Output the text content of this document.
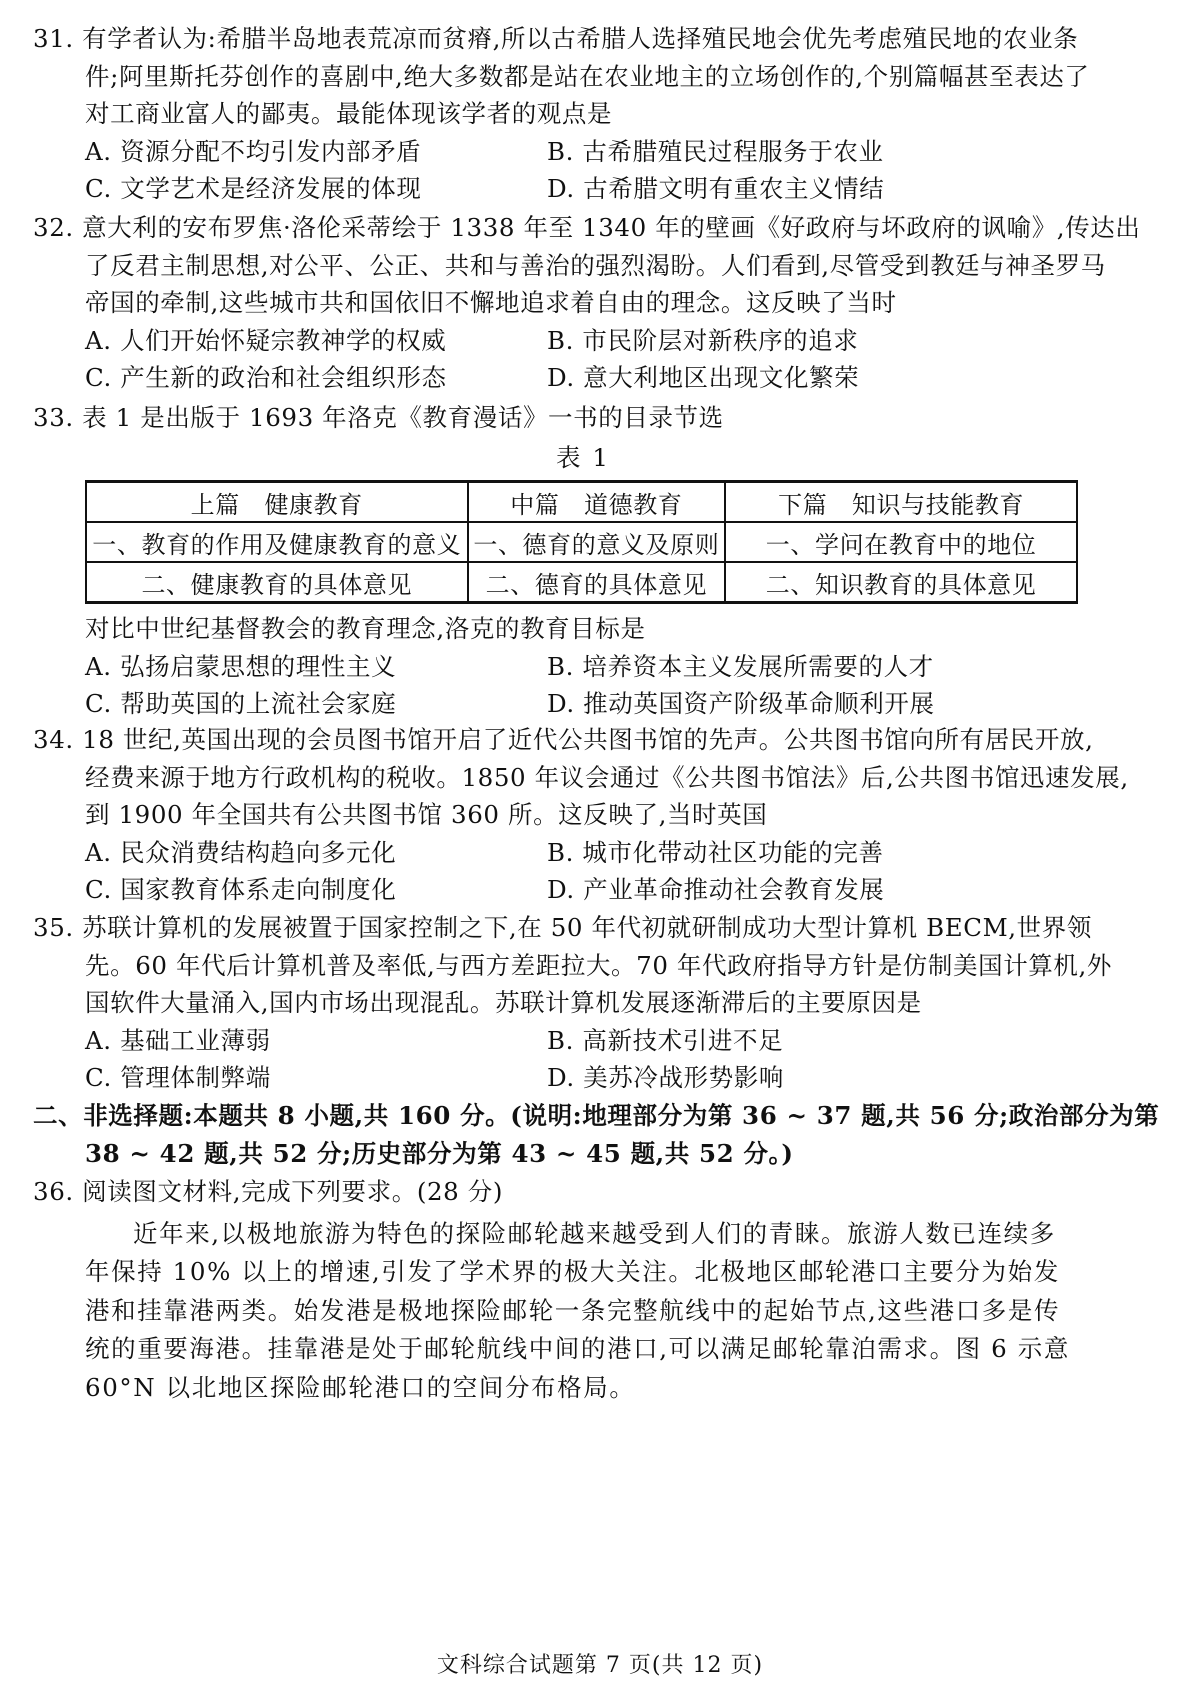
31. 有学者认为:希腊半岛地表荒凉而贫瘠,所以古希腊人选择殖民地会优先考虑殖民地的农业条
件;阿里斯托芬创作的喜剧中,绝大多数都是站在农业地主的立场创作的,个别篇幅甚至表达了
对工商业富人的鄙夷。最能体现该学者的观点是
A. 资源分配不均引发内部矛盾	B. 古希腊殖民过程服务于农业
C. 文学艺术是经济发展的体现	D. 古希腊文明有重农主义情结
32. 意大利的安布罗焦·洛伦采蒂绘于 1338 年至 1340 年的壁画《好政府与坏政府的讽喻》,传达出
了反君主制思想,对公平、公正、共和与善治的强烈渴盼。人们看到,尽管受到教廷与神圣罗马
帝国的牵制,这些城市共和国依旧不懈地追求着自由的理念。这反映了当时
A. 人们开始怀疑宗教神学的权威	B. 市民阶层对新秩序的追求
C. 产生新的政治和社会组织形态	D. 意大利地区出现文化繁荣
33. 表 1 是出版于 1693 年洛克《教育漫话》一书的目录节选
表 1
上篇　健康教育	中篇　道德教育	下篇　知识与技能教育
一、教育的作用及健康教育的意义	一、德育的意义及原则	一、学问在教育中的地位
二、健康教育的具体意见	二、德育的具体意见	二、知识教育的具体意见
对比中世纪基督教会的教育理念,洛克的教育目标是
A. 弘扬启蒙思想的理性主义	B. 培养资本主义发展所需要的人才
C. 帮助英国的上流社会家庭	D. 推动英国资产阶级革命顺利开展
34. 18 世纪,英国出现的会员图书馆开启了近代公共图书馆的先声。公共图书馆向所有居民开放,
经费来源于地方行政机构的税收。1850 年议会通过《公共图书馆法》后,公共图书馆迅速发展,
到 1900 年全国共有公共图书馆 360 所。这反映了,当时英国
A. 民众消费结构趋向多元化	B. 城市化带动社区功能的完善
C. 国家教育体系走向制度化	D. 产业革命推动社会教育发展
35. 苏联计算机的发展被置于国家控制之下,在 50 年代初就研制成功大型计算机 BECM,世界领
先。60 年代后计算机普及率低,与西方差距拉大。70 年代政府指导方针是仿制美国计算机,外
国软件大量涌入,国内市场出现混乱。苏联计算机发展逐渐滞后的主要原因是
A. 基础工业薄弱	B. 高新技术引进不足
C. 管理体制弊端	D. 美苏冷战形势影响
二、非选择题:本题共 8 小题,共 160 分。(说明:地理部分为第 36 ~ 37 题,共 56 分;政治部分为第
38 ~ 42 题,共 52 分;历史部分为第 43 ~ 45 题,共 52 分。)
36. 阅读图文材料,完成下列要求。(28 分)
近年来,以极地旅游为特色的探险邮轮越来越受到人们的青睐。旅游人数已连续多年保持 10% 以上的增速,引发了学术界的极大关注。北极地区邮轮港口主要分为始发港和挂靠港两类。始发港是极地探险邮轮一条完整航线中的起始节点,这些港口多是传统的重要海港。挂靠港是处于邮轮航线中间的港口,可以满足邮轮靠泊需求。图 6 示意 60°N 以北地区探险邮轮港口的空间分布格局。
文科综合试题第 7 页(共 12 页)
